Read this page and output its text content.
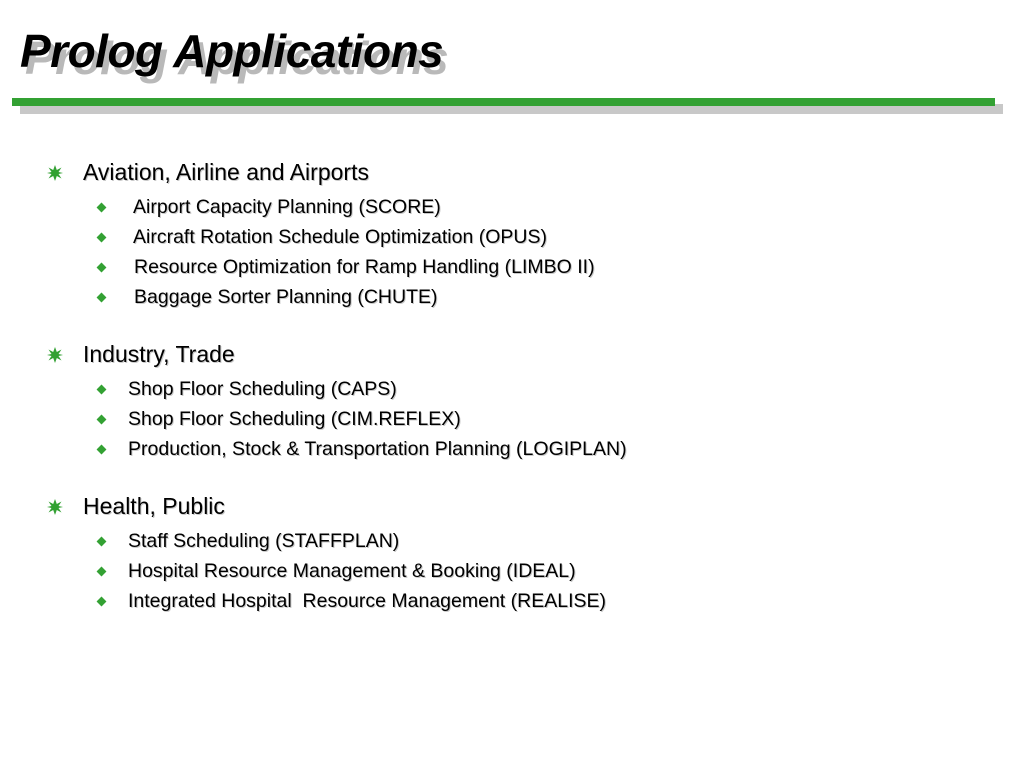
Prolog Applications
Aviation, Airline and Airports
Airport Capacity Planning (SCORE)
Aircraft Rotation Schedule Optimization (OPUS)
Resource Optimization for Ramp Handling (LIMBO II)
Baggage Sorter Planning (CHUTE)
Industry, Trade
Shop Floor Scheduling (CAPS)
Shop Floor Scheduling (CIM.REFLEX)
Production, Stock & Transportation Planning (LOGIPLAN)
Health, Public
Staff Scheduling (STAFFPLAN)
Hospital Resource Management & Booking (IDEAL)
Integrated Hospital  Resource Management (REALISE)
